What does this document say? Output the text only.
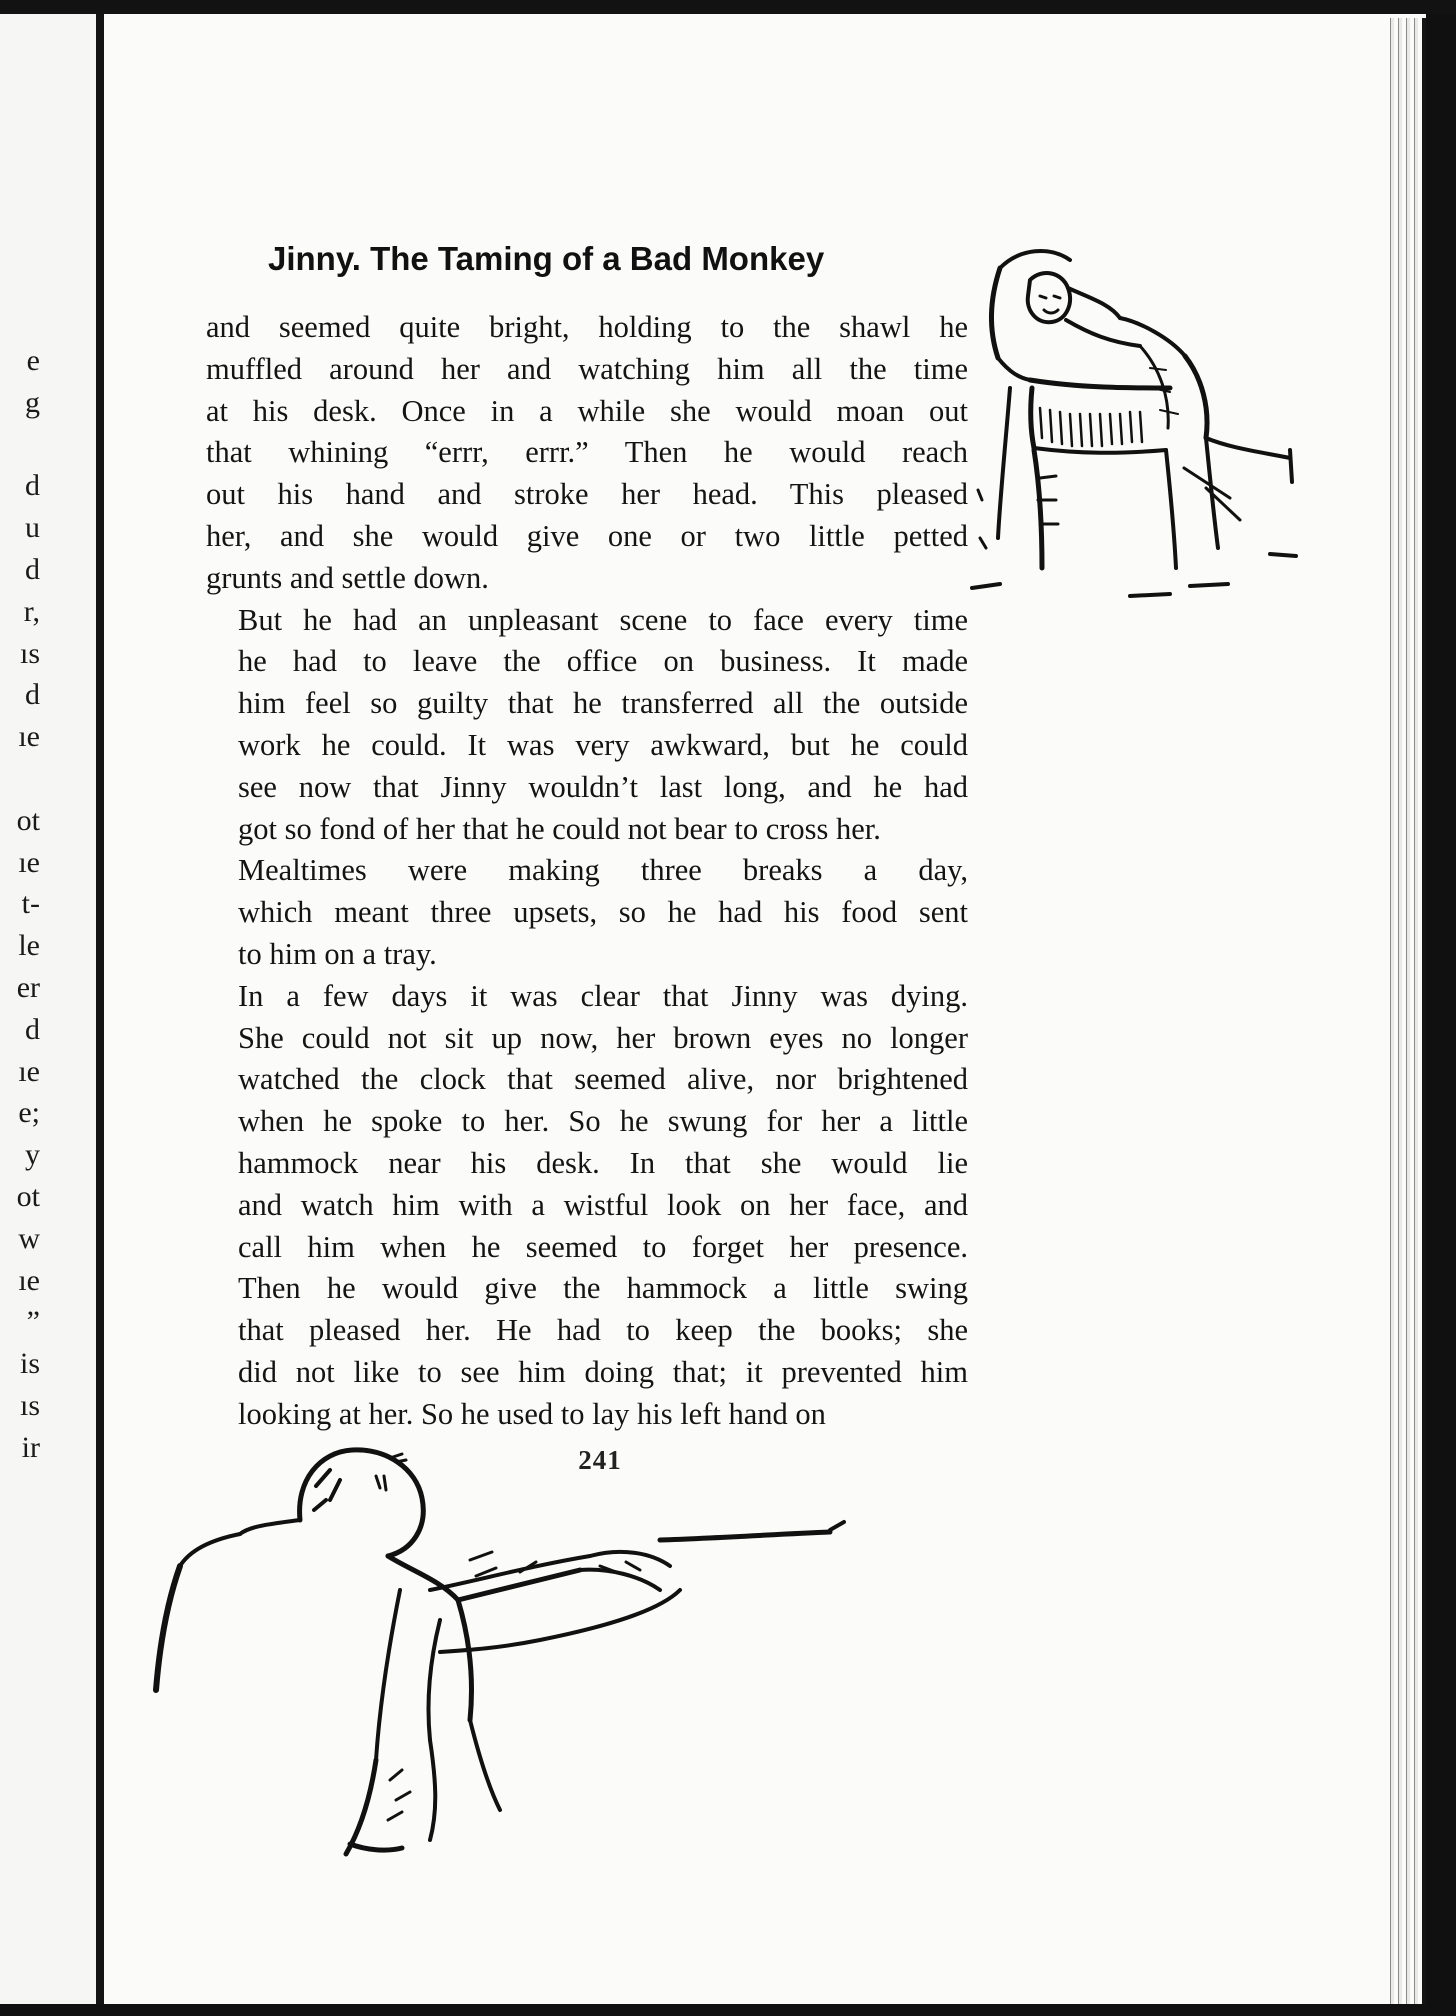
e
g
d
u
d
r,
ıs
d
ıe
ot
ıe
t-
le
er
d
ıe
e;
y
ot
w
ıe
”
is
ıs
ir
Jinny. The Taming of a Bad Monkey

and seemed quite bright, holding to the shawl he
muffled around her and watching him all the time
at his desk. Once in a while she would moan out
that whining “errr, errr.” Then he would reach
out his hand and stroke her head. This pleased
her, and she would give one or two little petted
grunts and settle down.

But he had an unpleasant scene to face every time
he had to leave the office on business. It made
him feel so guilty that he transferred all the outside
work he could. It was very awkward, but he could
see now that Jinny wouldn’t last long, and he had
got so fond of her that he could not bear to cross her.

Mealtimes were making three breaks a day,
which meant three upsets, so he had his food sent
to him on a tray.

In a few days it was clear that Jinny was dying.
She could not sit up now, her brown eyes no longer
watched the clock that seemed alive, nor brightened
when he spoke to her. So he swung for her a little
hammock near his desk. In that she would lie
and watch him with a wistful look on her face, and
call him when he seemed to forget her presence.
Then he would give the hammock a little swing
that pleased her. He had to keep the books; she
did not like to see him doing that; it prevented him
looking at her. So he used to lay his left hand on

241
